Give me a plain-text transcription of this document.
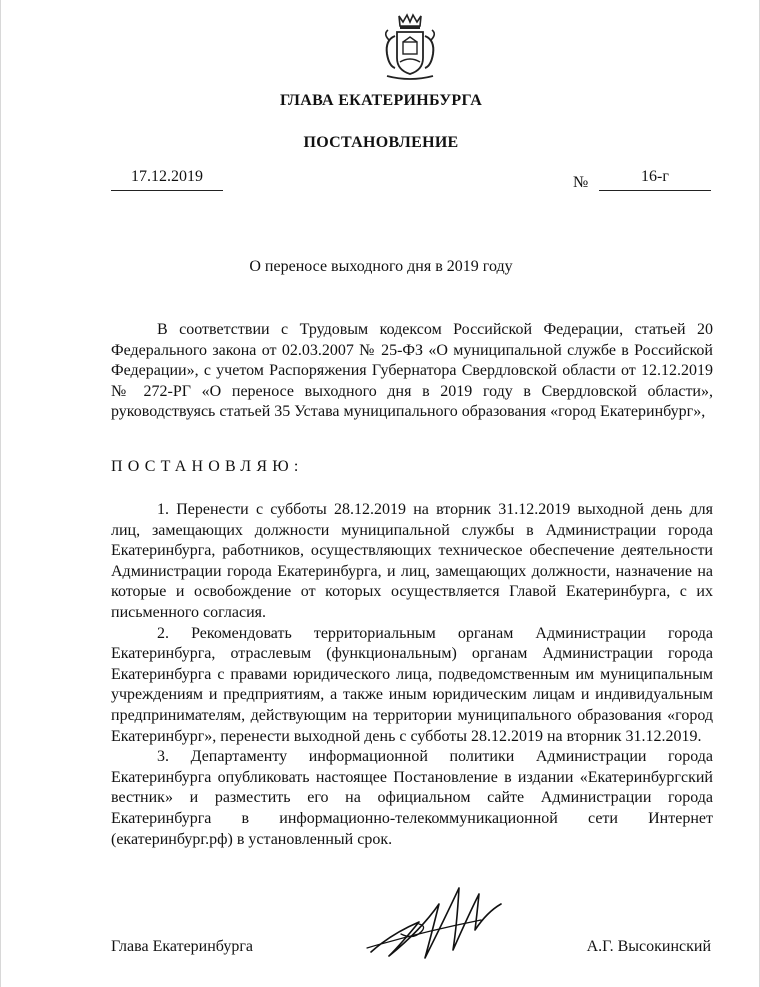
ГЛАВА ЕКАТЕРИНБУРГА
ПОСТАНОВЛЕНИЕ
17.12.2019	№	16-г
О переносе выходного дня в 2019 году
В соответствии с Трудовым кодексом Российской Федерации, статьей 20 Федерального закона от 02.03.2007 № 25-ФЗ «О муниципальной службе в Российской Федерации», с учетом Распоряжения Губернатора Свердловской области от 12.12.2019 № 272-РГ «О переносе выходного дня в 2019 году в Свердловской области», руководствуясь статьей 35 Устава муниципального образования «город Екатеринбург»,
ПОСТАНОВЛЯЮ:

1. Перенести с субботы 28.12.2019 на вторник 31.12.2019 выходной день для лиц, замещающих должности муниципальной службы в Администрации города Екатеринбурга, работников, осуществляющих техническое обеспечение деятельности Администрации города Екатеринбурга, и лиц, замещающих должности, назначение на которые и освобождение от которых осуществляется Главой Екатеринбурга, с их письменного согласия.

2. Рекомендовать территориальным органам Администрации города Екатеринбурга, отраслевым (функциональным) органам Администрации города Екатеринбурга с правами юридического лица, подведомственным им муниципальным учреждениям и предприятиям, а также иным юридическим лицам и индивидуальным предпринимателям, действующим на территории муниципального образования «город Екатеринбург», перенести выходной день с субботы 28.12.2019 на вторник 31.12.2019.

3. Департаменту информационной политики Администрации города Екатеринбурга опубликовать настоящее Постановление в издании «Екатеринбургский вестник» и разместить его на официальном сайте Администрации города Екатеринбурга в информационно-телекоммуникационной сети Интернет (екатеринбург.рф) в установленный срок.

Глава Екатеринбурга	А.Г. Высокинский
